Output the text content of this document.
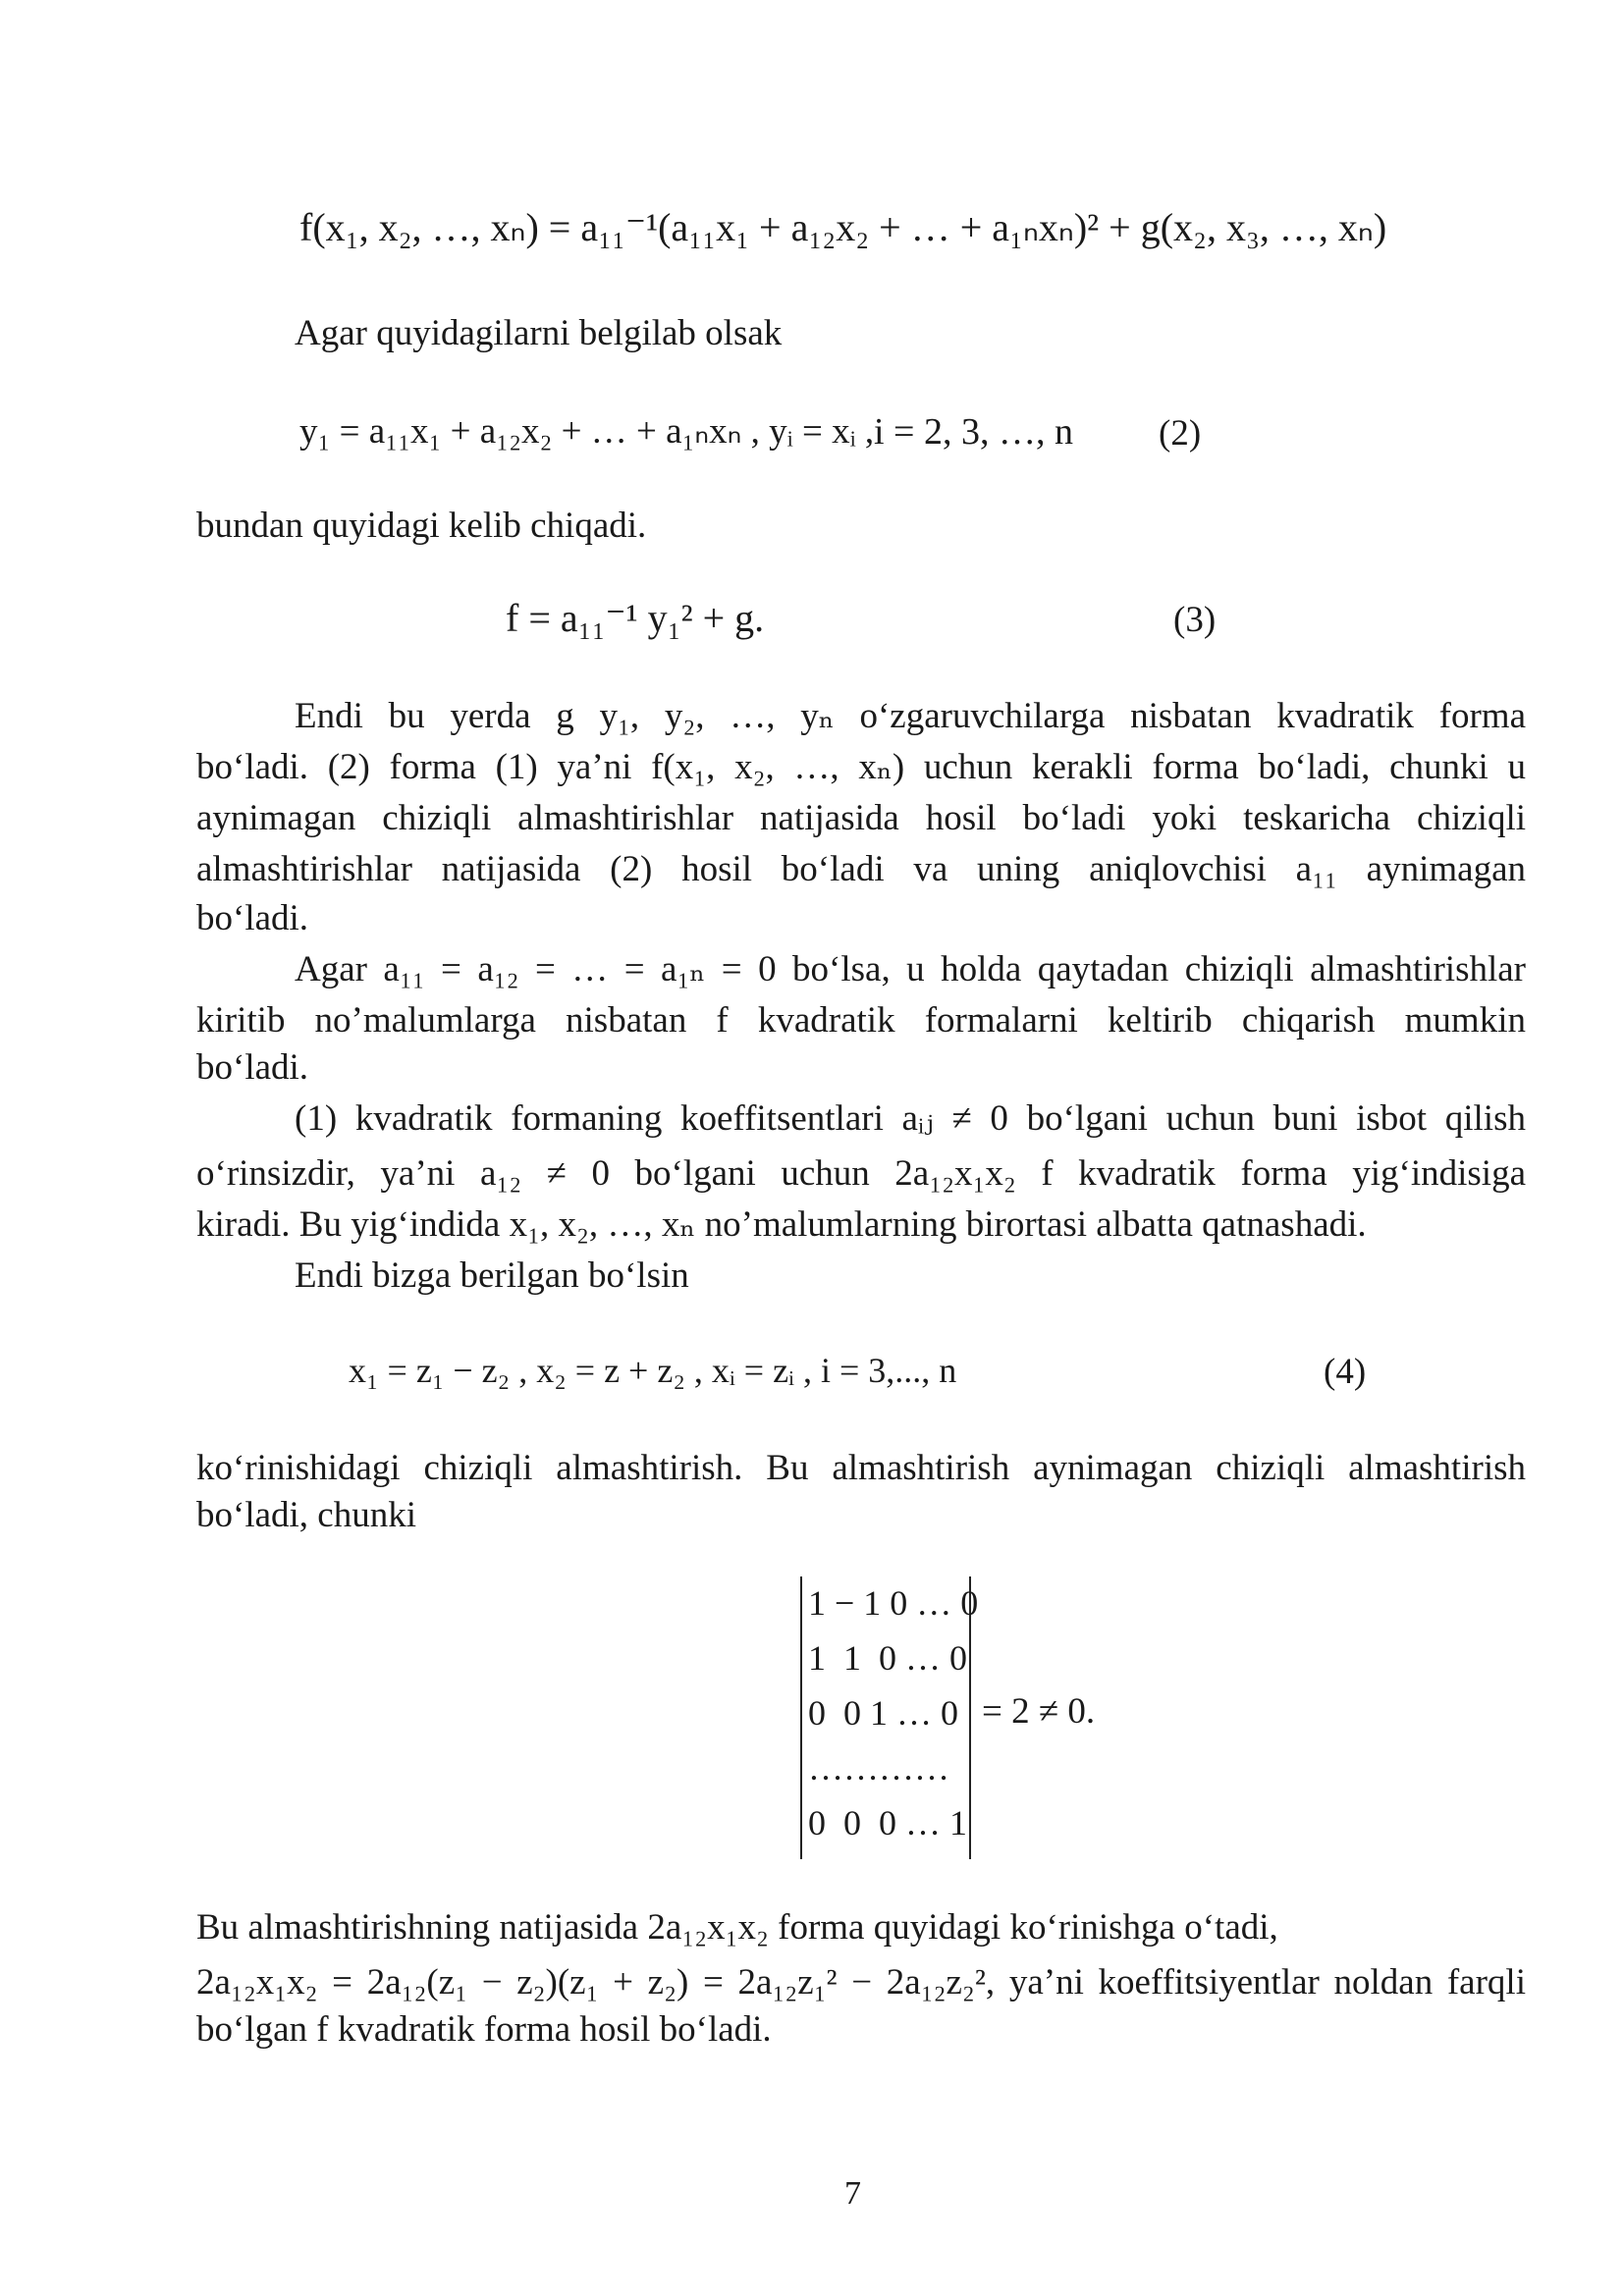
f(x₁, x₂, …, xₙ) = a₁₁⁻¹(a₁₁x₁ + a₁₂x₂ + … + a₁ₙxₙ)² + g(x₂, x₃, …, xₙ)
Agar quyidagilarni belgilab olsak
y₁ = a₁₁x₁ + a₁₂x₂ + … + a₁ₙxₙ , yᵢ = xᵢ , i = 2, 3, …, n (2)
bundan quyidagi kelib chiqadi.
f = a₁₁⁻¹ y₁² + g.	(3)
Endi bu yerda g y₁, y₂, …, yₙ o‘zgaruvchilarga nisbatan kvadratik forma
bo‘ladi. (2) forma (1) ya’ni f(x₁, x₂, …, xₙ) uchun kerakli forma bo‘ladi, chunki u
aynimagan chiziqli almashtirishlar natijasida hosil bo‘ladi yoki teskaricha chiziqli
almashtirishlar natijasida (2) hosil bo‘ladi va uning aniqlovchisi a₁₁ aynimagan
bo‘ladi.
Agar a₁₁ = a₁₂ = … = a₁ₙ = 0 bo‘lsa, u holda qaytadan chiziqli almashtirishlar
kiritib no’malumlarga nisbatan f kvadratik formalarni keltirib chiqarish mumkin
bo‘ladi.
(1) kvadratik formaning koeffitsentlari aᵢⱼ ≠ 0 bo‘lgani uchun buni isbot qilish
o‘rinsizdir, ya’ni a₁₂ ≠ 0 bo‘lgani uchun 2a₁₂x₁x₂ f kvadratik forma yig‘indisiga
kiradi. Bu yig‘indida x₁, x₂, …, xₙ no’malumlarning birortasi albatta qatnashadi.
Endi bizga berilgan bo‘lsin
x₁ = z₁ − z₂ , x₂ = z + z₂ , xᵢ = zᵢ , i = 3,..., n	(4)
ko‘rinishidagi chiziqli almashtirish. Bu almashtirish aynimagan chiziqli almashtirish
bo‘ladi, chunki
1 − 1 0 … 0
1  1  0 … 0
0  0 1 … 0
…………
0  0  0 … 1
= 2 ≠ 0.
Bu almashtirishning natijasida 2a₁₂x₁x₂ forma quyidagi ko‘rinishga o‘tadi,
2a₁₂x₁x₂ = 2a₁₂(z₁ − z₂)(z₁ + z₂) = 2a₁₂z₁² − 2a₁₂z₂², ya’ni koeffitsiyentlar noldan farqli
bo‘lgan f kvadratik forma hosil bo‘ladi.
7
